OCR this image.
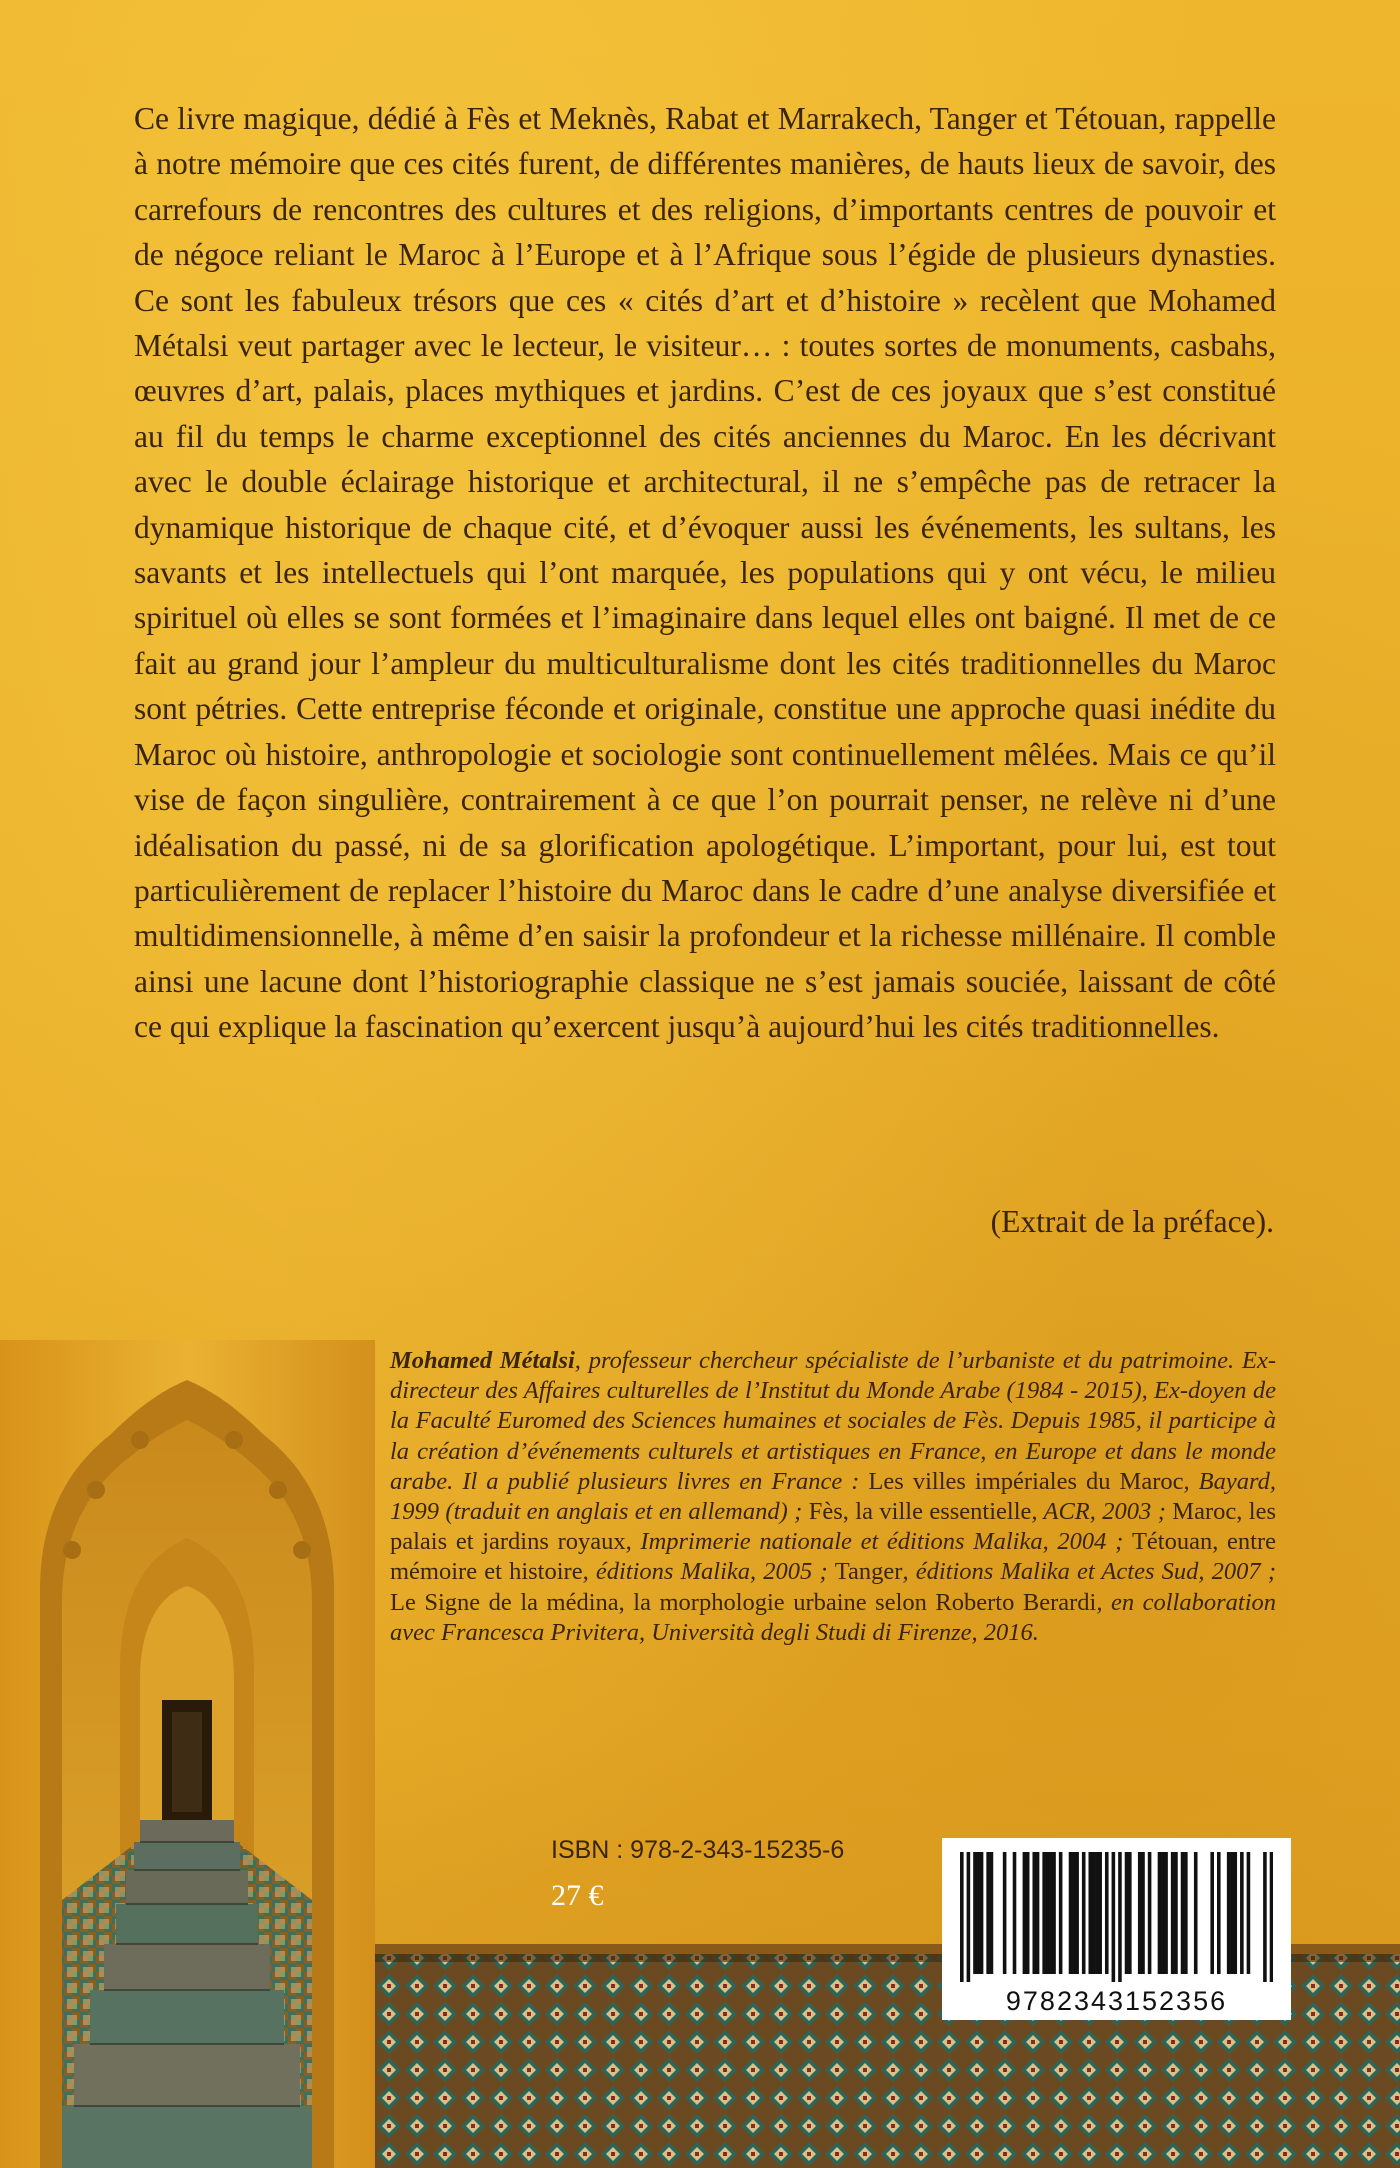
Ce livre magique, dédié à Fès et Meknès, Rabat et Marrakech, Tanger et Tétouan, rappelle à notre mémoire que ces cités furent, de différentes manières, de hauts lieux de savoir, des carrefours de rencontres des cultures et des religions, d’importants centres de pouvoir et de négoce reliant le Maroc à l’Europe et à l’Afrique sous l’égide de plusieurs dynasties. Ce sont les fabuleux trésors que ces « cités d’art et d’histoire » recèlent que Mohamed Métalsi veut partager avec le lecteur, le visiteur… : toutes sortes de monuments, casbahs, œuvres d’art, palais, places mythiques et jardins. C’est de ces joyaux que s’est constitué au fil du temps le charme exceptionnel des cités anciennes du Maroc. En les décrivant avec le double éclairage historique et architectural, il ne s’empêche pas de retracer la dynamique historique de chaque cité, et d’évoquer aussi les événements, les sultans, les savants et les intellectuels qui l’ont marquée, les populations qui y ont vécu, le milieu spirituel où elles se sont formées et l’imaginaire dans lequel elles ont baigné. Il met de ce fait au grand jour l’ampleur du multiculturalisme dont les cités traditionnelles du Maroc sont pétries. Cette entreprise féconde et originale, constitue une approche quasi inédite du Maroc où histoire, anthropologie et sociologie sont continuellement mêlées. Mais ce qu’il vise de façon singulière, contrairement à ce que l’on pourrait penser, ne relève ni d’une idéalisation du passé, ni de sa glorification apologétique. L’important, pour lui, est tout particulièrement de replacer l’histoire du Maroc dans le cadre d’une analyse diversifiée et multidimensionnelle, à même d’en saisir la profondeur et la richesse millénaire. Il comble ainsi une lacune dont l’historiographie classique ne s’est jamais souciée, laissant de côté ce qui explique la fascination qu’exercent jusqu’à aujourd’hui les cités traditionnelles.

(Extrait de la préface).

Mohamed Métalsi, professeur chercheur spécialiste de l’urbaniste et du patrimoine. Ex-directeur des Affaires culturelles de l’Institut du Monde Arabe (1984 - 2015), Ex-doyen de la Faculté Euromed des Sciences humaines et sociales de Fès. Depuis 1985, il participe à la création d’événements culturels et artistiques en France, en Europe et dans le monde arabe. Il a publié plusieurs livres en France : Les villes impériales du Maroc, Bayard, 1999 (traduit en anglais et en allemand) ; Fès, la ville essentielle, ACR, 2003 ; Maroc, les palais et jardins royaux, Imprimerie nationale et éditions Malika, 2004 ; Tétouan, entre mémoire et histoire, éditions Malika, 2005 ; Tanger, éditions Malika et Actes Sud, 2007 ; Le Signe de la médina, la morphologie urbaine selon Roberto Berardi, en collaboration avec Francesca Privitera, Università degli Studi di Firenze, 2016.

ISBN : 978-2-343-15235-6
27 €
9782343152356
